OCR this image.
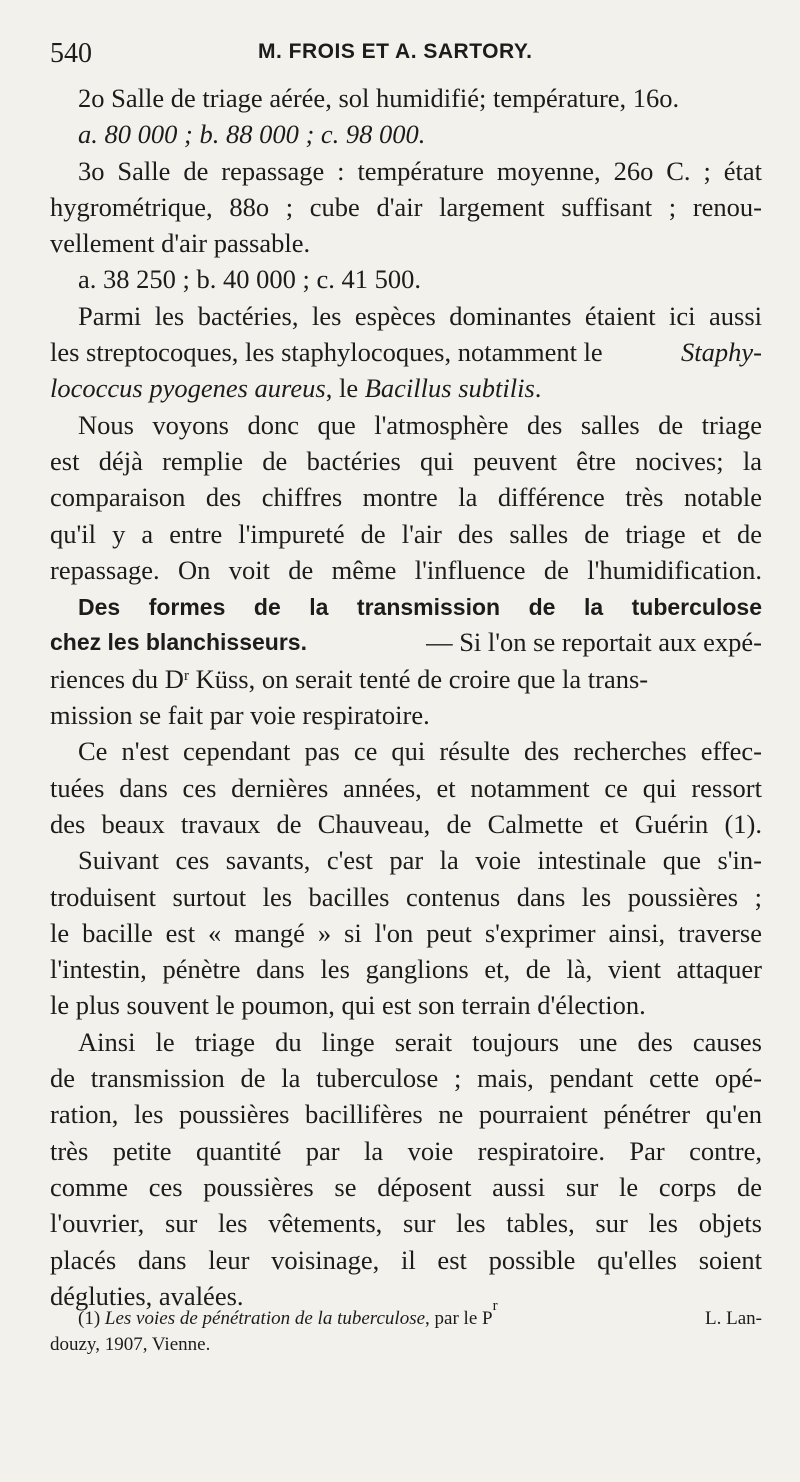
540	M. FROIS ET A. SARTORY.
2o Salle de triage aérée, sol humidifié; température, 16o.
a. 80 000 ; b. 88 000 ; c. 98 000.
3o Salle de repassage : température moyenne, 26o C. ; état
hygrométrique, 88o ; cube d'air largement suffisant ; renou-
vellement d'air passable.
a. 38 250 ; b. 40 000 ; c. 41 500.
Parmi les bactéries, les espèces dominantes étaient ici aussi
les streptocoques, les staphylocoques, notamment le	Staphy-
lococcus pyogenes aureus, le Bacillus subtilis.
Nous voyons donc que l'atmosphère des salles de triage
est déjà remplie de bactéries qui peuvent être nocives; la
comparaison des chiffres montre la différence très notable
qu'il y a entre l'impureté de l'air des salles de triage et de
repassage. On voit de même l'influence de l'humidification.
Des formes de la transmission de la tuberculose
chez les blanchisseurs.	— Si l'on se reportait aux expé-
riences du $D^r$ Küss, on serait tenté de croire que la trans-
mission se fait par voie respiratoire.
Ce n'est cependant pas ce qui résulte des recherches effec-
tuées dans ces dernières années, et notamment ce qui ressort
des beaux travaux de Chauveau, de Calmette et Guérin (1).
Suivant ces savants, c'est par la voie intestinale que s'in-
troduisent surtout les bacilles contenus dans les poussières ;
le bacille est « mangé » si l'on peut s'exprimer ainsi, traverse
l'intestin, pénètre dans les ganglions et, de là, vient attaquer
le plus souvent le poumon, qui est son terrain d'élection.
Ainsi le triage du linge serait toujours une des causes
de transmission de la tuberculose ; mais, pendant cette opé-
ration, les poussières bacillifères ne pourraient pénétrer qu'en
très petite quantité par la voie respiratoire. Par contre,
comme ces poussières se déposent aussi sur le corps de
l'ouvrier, sur les vêtements, sur les tables, sur les objets
placés dans leur voisinage, il est possible qu'elles soient
dégluties, avalées.
(1) Les voies de pénétration de la tuberculose , par le P
r
L. Lan-
douzy, 1907, Vienne.
